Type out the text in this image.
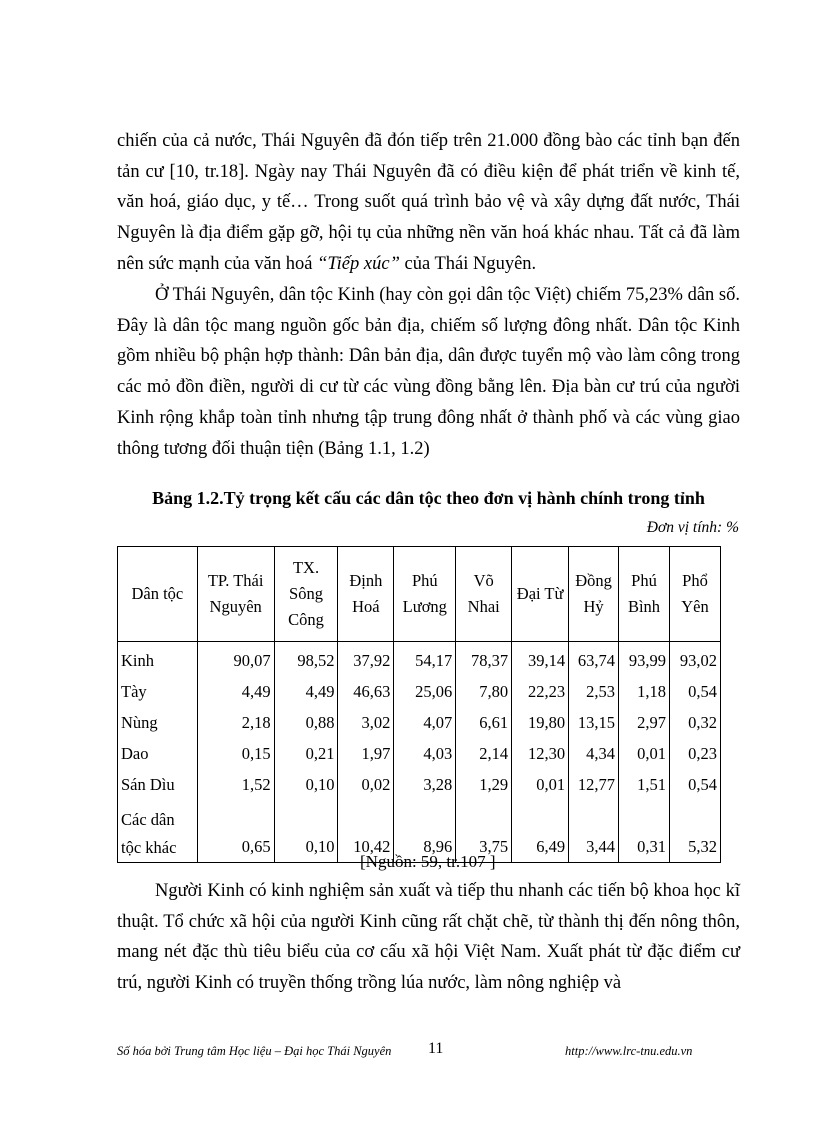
chiến của cả nước, Thái Nguyên đã đón tiếp trên 21.000 đồng bào các tỉnh bạn đến tản cư [10, tr.18]. Ngày nay Thái Nguyên đã có điều kiện để phát triển về kinh tế, văn hoá, giáo dục, y tế… Trong suốt quá trình bảo vệ và xây dựng đất nước, Thái Nguyên là địa điểm gặp gỡ, hội tụ của những nền văn hoá khác nhau. Tất cả đã làm nên sức mạnh của văn hoá “Tiếp xúc” của Thái Nguyên.

Ở Thái Nguyên, dân tộc Kinh (hay còn gọi dân tộc Việt) chiếm 75,23% dân số. Đây là dân tộc mang nguồn gốc bản địa, chiếm số lượng đông nhất. Dân tộc Kinh gồm nhiều bộ phận hợp thành: Dân bản địa, dân được tuyển mộ vào làm công trong các mỏ đồn điền, người di cư từ các vùng đồng bằng lên. Địa bàn cư trú của người Kinh rộng khắp toàn tỉnh nhưng tập trung đông nhất ở thành phố và các vùng giao thông tương đối thuận tiện (Bảng 1.1, 1.2)

Bảng 1.2.Tỷ trọng kết cấu các dân tộc theo đơn vị hành chính trong tỉnh

Đơn vị tính: %

Dân tộc	TP. Thái Nguyên	TX. Sông Công	Định Hoá	Phú Lương	Võ Nhai	Đại Từ	Đồng Hỷ	Phú Bình	Phổ Yên
Kinh	90,07	98,52	37,92	54,17	78,37	39,14	63,74	93,99	93,02
Tày	4,49	4,49	46,63	25,06	7,80	22,23	2,53	1,18	0,54
Nùng	2,18	0,88	3,02	4,07	6,61	19,80	13,15	2,97	0,32
Dao	0,15	0,21	1,97	4,03	2,14	12,30	4,34	0,01	0,23
Sán Dìu	1,52	0,10	0,02	3,28	1,29	0,01	12,77	1,51	0,54
Các dân tộc khác	0,65	0,10	10,42	8,96	3,75	6,49	3,44	0,31	5,32

[Nguồn: 59, tr.107 ]

Người Kinh có kinh nghiệm sản xuất và tiếp thu nhanh các tiến bộ khoa học kĩ thuật. Tổ chức xã hội của người Kinh cũng rất chặt chẽ, từ thành thị đến nông thôn, mang nét đặc thù tiêu biểu của cơ cấu xã hội Việt Nam. Xuất phát từ đặc điểm cư trú, người Kinh có truyền thống trồng lúa nước, làm nông nghiệp và

Số hóa bởi Trung tâm Học liệu – Đại học Thái Nguyên 11	http://www.lrc-tnu.edu.vn
